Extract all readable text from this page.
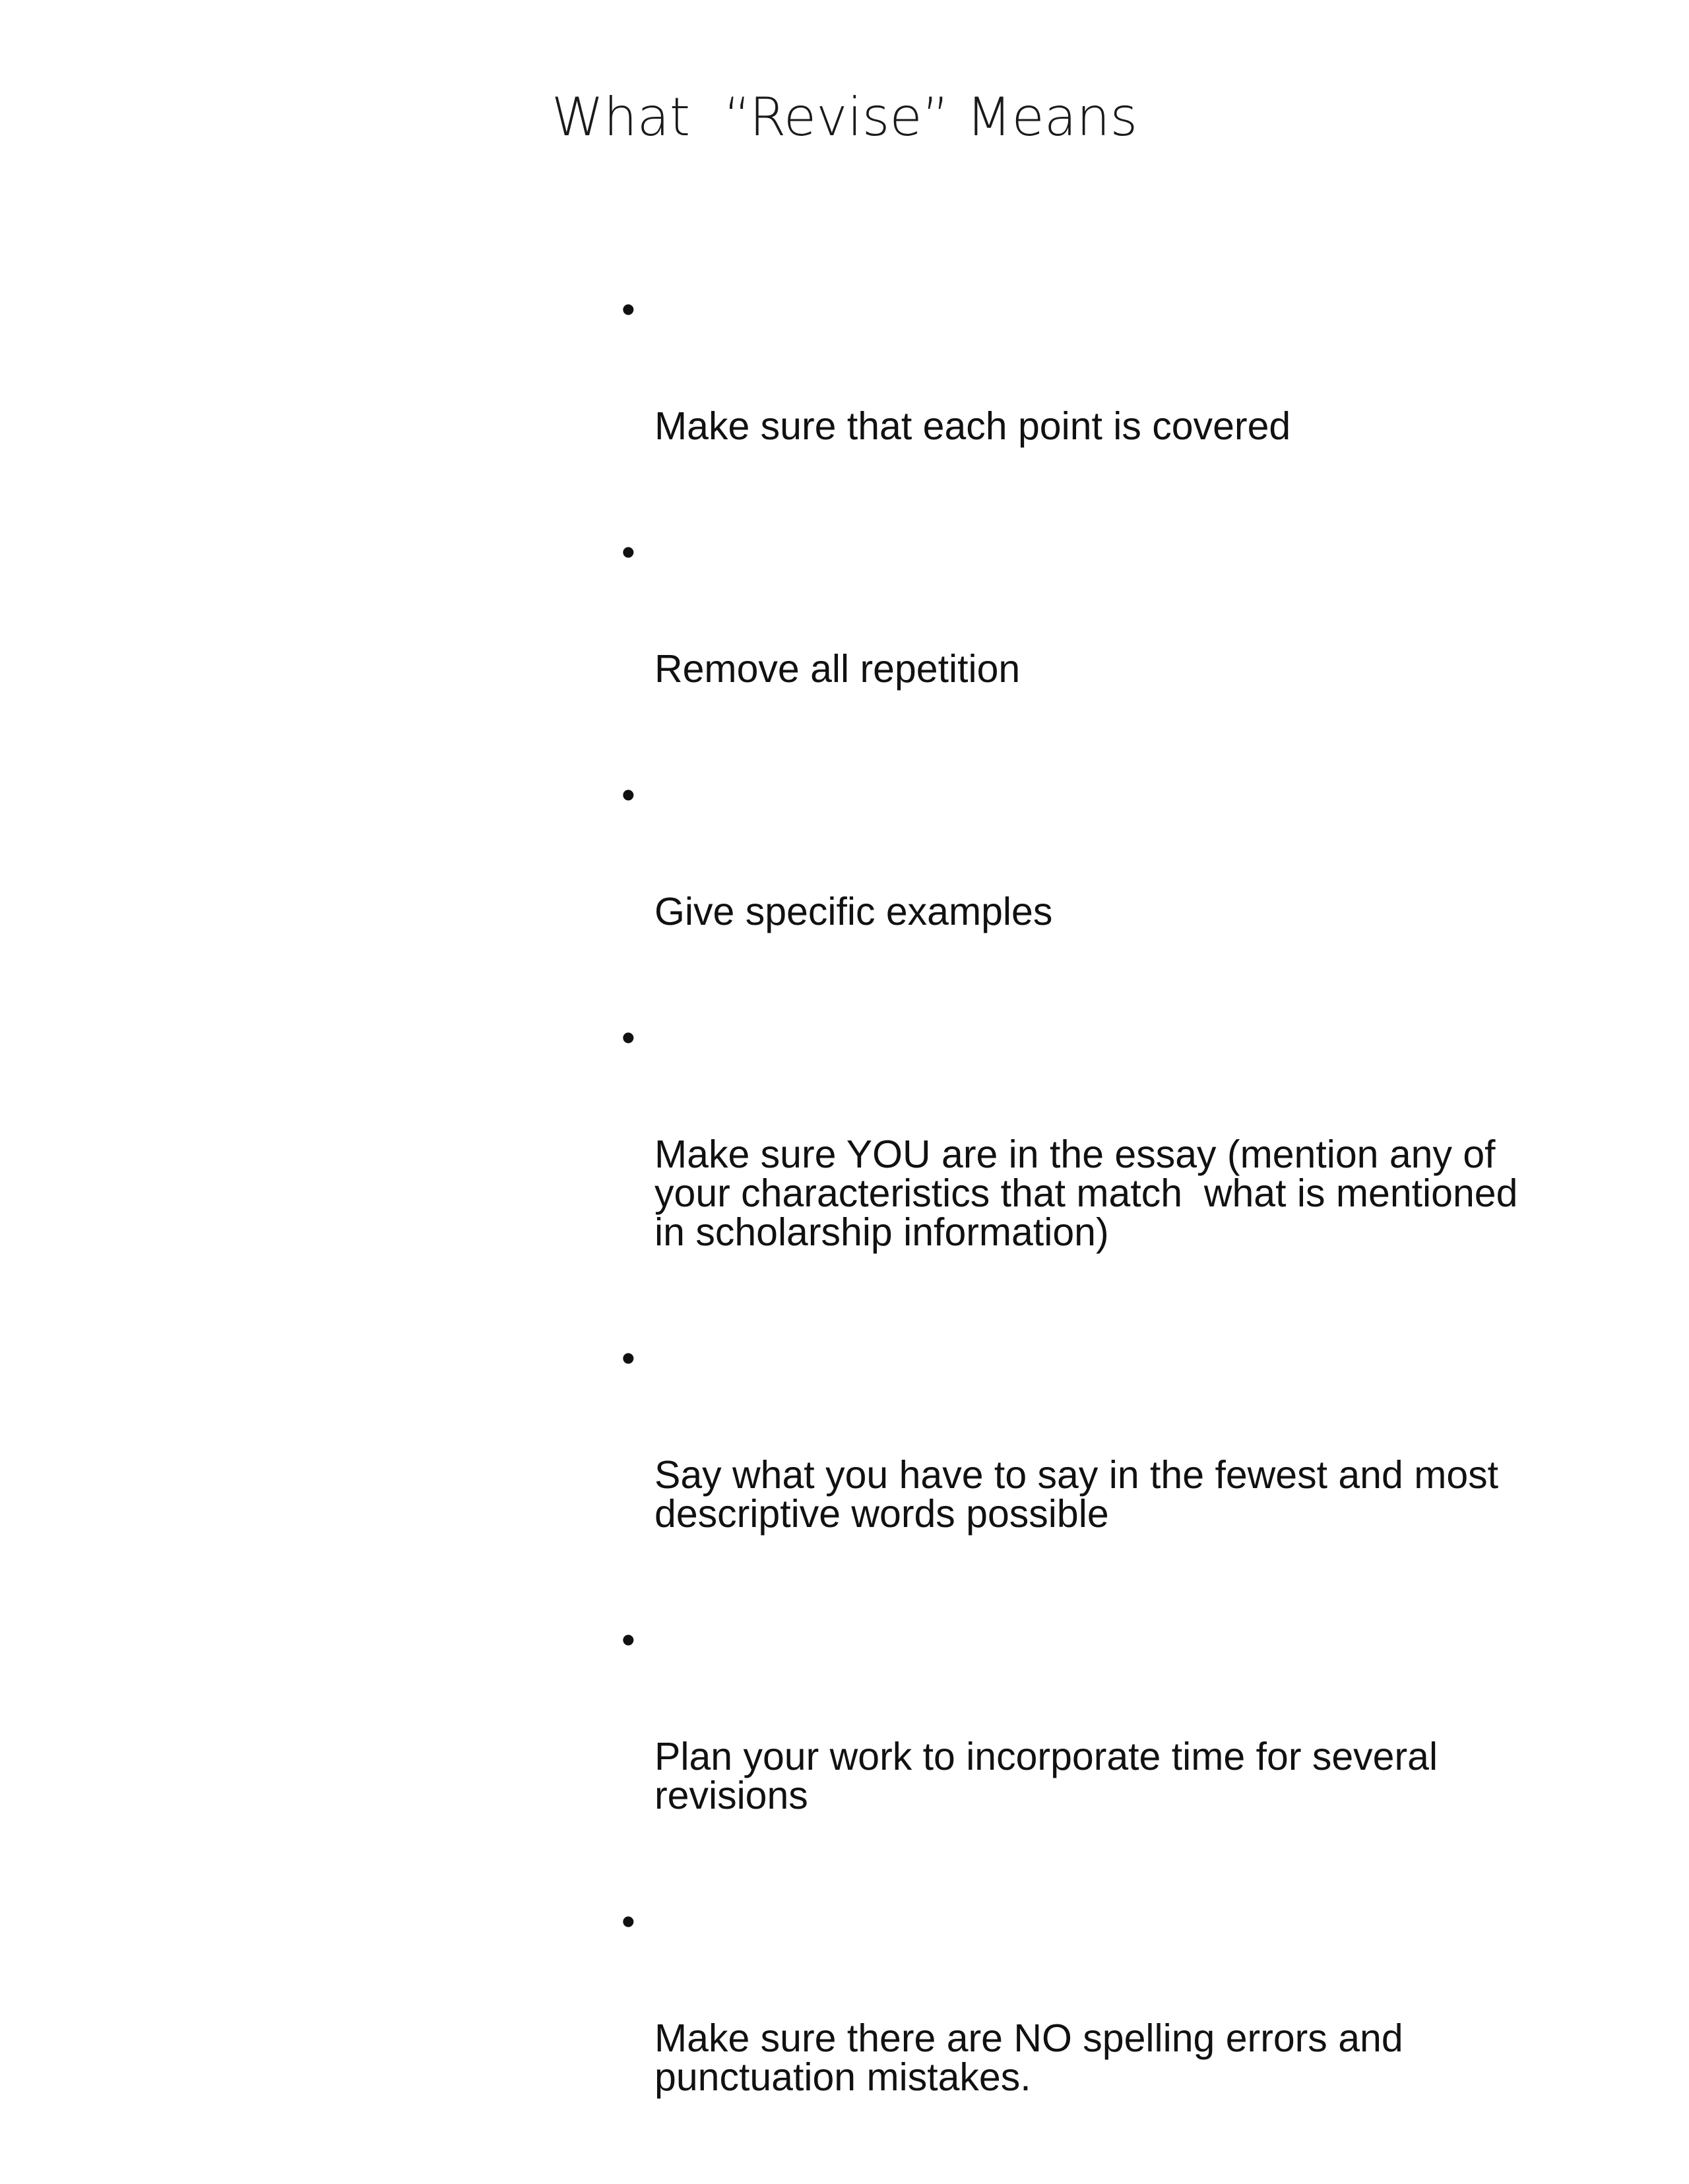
What  “Revise” Means

•

Make sure that each point is covered

•

Remove all repetition

•

Give specific examples

•

Make sure YOU are in the essay (mention any of
your characteristics that match  what is mentioned
in scholarship information)

•

Say what you have to say in the fewest and most
descriptive words possible

•

Plan your work to incorporate time for several
revisions

•

Make sure there are NO spelling errors and
punctuation mistakes.
